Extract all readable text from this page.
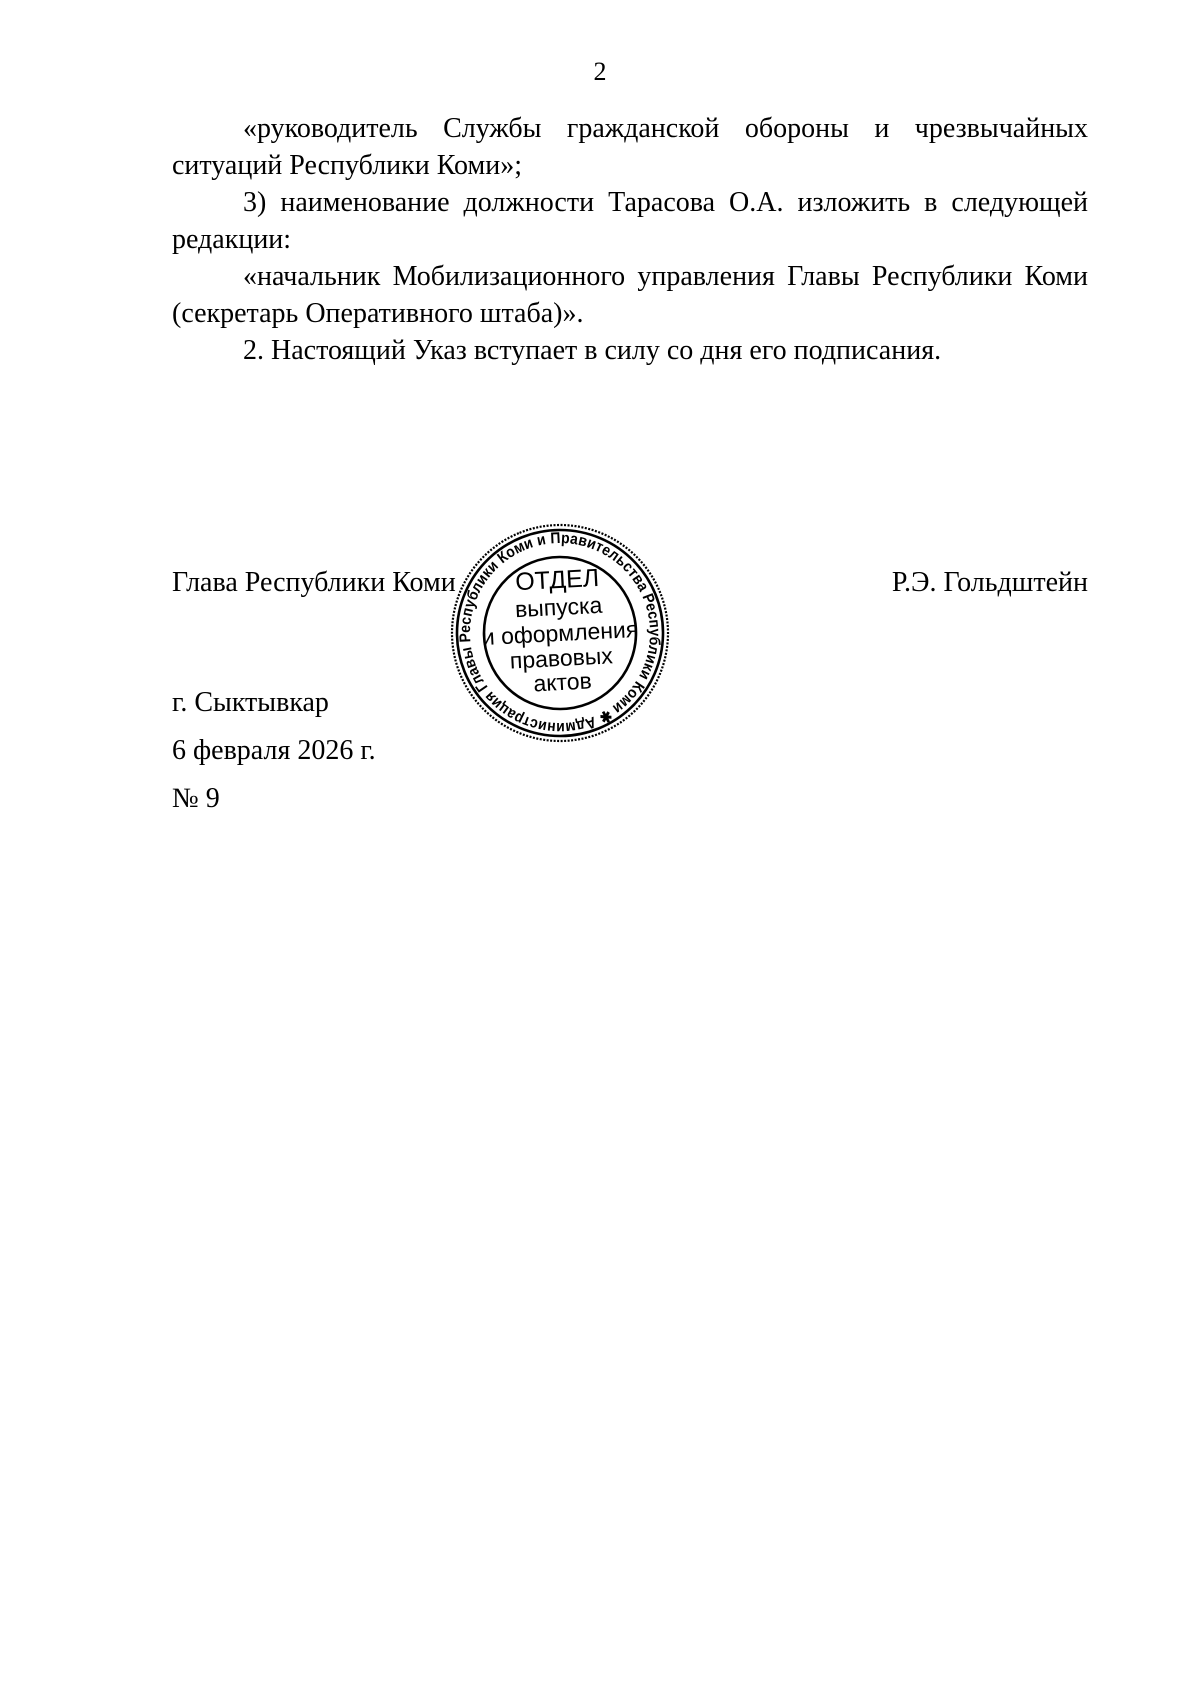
2

«руководитель Службы гражданской обороны и чрезвычайных ситуаций Республики Коми»;

3) наименование должности Тарасова О.А. изложить в следующей редакции:

«начальник Мобилизационного управления Главы Республики Коми (секретарь Оперативного штаба)».

2. Настоящий Указ вступает в силу со дня его подписания.

Глава Республики Коми	Р.Э. Гольдштейн
г. Сыктывкар
6 февраля 2026 г.
№ 9
Администрация Главы Республики Коми и Правительства Республики Коми ✱
ОТДЕЛ
выпуска
и оформления
правовых
актов
